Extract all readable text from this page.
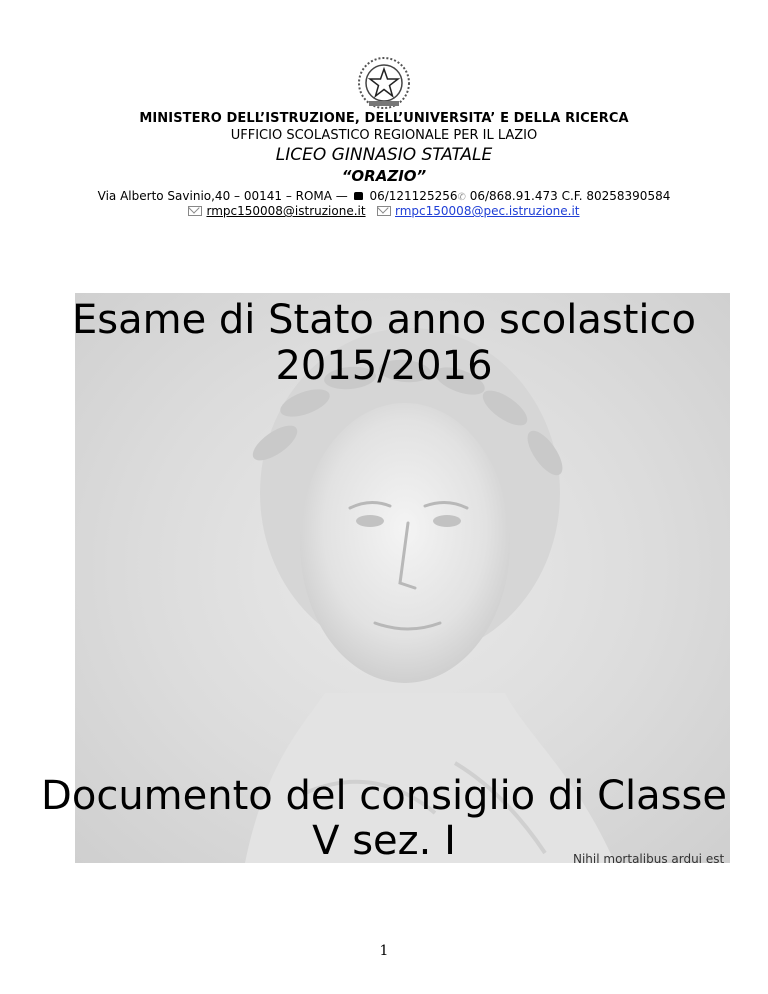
MINISTERO DELL’ISTRUZIONE, DELL’UNIVERSITA’ E DELLA RICERCA
UFFICIO SCOLASTICO REGIONALE PER IL LAZIO
LICEO GINNASIO STATALE
“ORAZIO”
Via Alberto Savinio,40 – 00141 – ROMA — 06/121125256✆ 06/868.91.473 C.F. 80258390584
rmpc150008@istruzione.it rmpc150008@pec.istruzione.it
Esame di Stato anno scolastico
2015/2016
Documento del consiglio di Classe
V sez. I	Nihil mortalibus ardui est
1
